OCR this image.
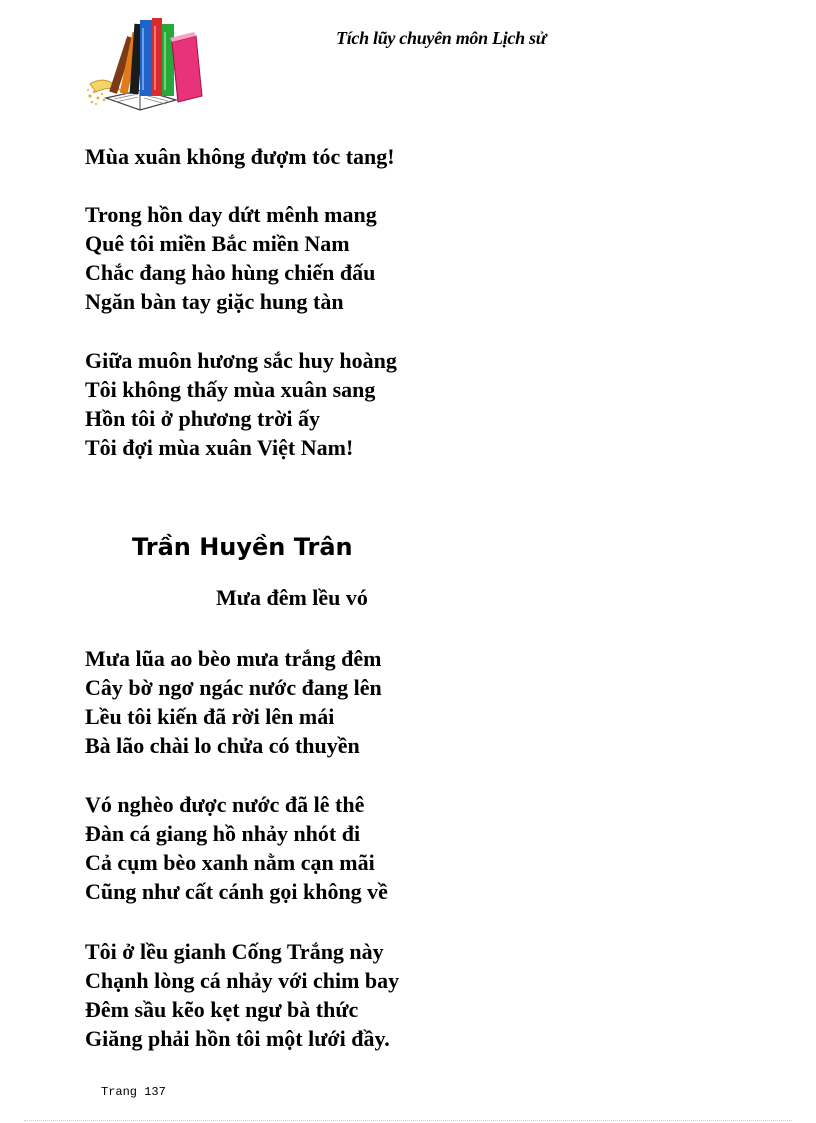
Tích lũy chuyên môn Lịch sử
Mùa xuân không đượm tóc tang!
Trong hồn day dứt mênh mang
Quê tôi miền Bắc miền Nam
Chắc đang hào hùng chiến đấu
Ngăn bàn tay giặc hung tàn
Giữa muôn hương sắc huy hoàng
Tôi không thấy mùa xuân sang
Hồn tôi ở phương trời ấy
Tôi đợi mùa xuân Việt Nam!
Trần Huyền Trân
Mưa đêm lều vó
Mưa lũa ao bèo mưa trắng đêm
Cây bờ ngơ ngác nước đang lên
Lều tôi kiến đã rời lên mái
Bà lão chài lo chửa có thuyền
Vó nghèo được nước đã lê thê
Đàn cá giang hồ nhảy nhót đi
Cả cụm bèo xanh nằm cạn mãi
Cũng như cất cánh gọi không về
Tôi ở lều gianh Cống Trắng này
Chạnh lòng cá nhảy với chim bay
Đêm sầu kẽo kẹt ngư bà thức
Giăng phải hồn tôi một lưới đầy.
Trang 137
